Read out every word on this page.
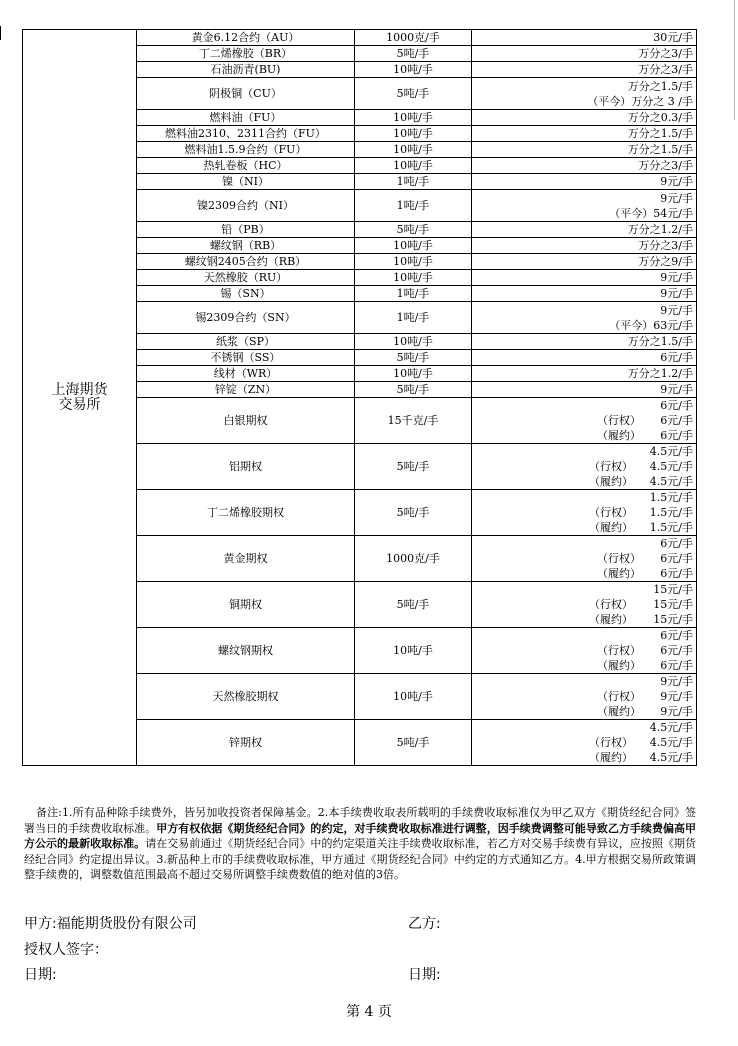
上海期货
交易所	黄金6.12合约（AU）	1000克/手	30元/手

	丁二烯橡胶（BR）	5吨/手	万分之3/手

	石油沥青(BU)	10吨/手	万分之3/手

	阴极铜（CU）	5吨/手	万分之1.5/手
（平今）万分之 3 /手

	燃料油（FU）	10吨/手	万分之0.3/手

	燃料油2310、2311合约（FU）	10吨/手	万分之1.5/手

	燃料油1.5.9合约（FU）	10吨/手	万分之1.5/手

	热轧卷板（HC）	10吨/手	万分之3/手

	镍（NI）	1吨/手	9元/手

	镍2309合约（NI）	1吨/手	9元/手
（平今）54元/手

	铅（PB）	5吨/手	万分之1.2/手

	螺纹钢（RB）	10吨/手	万分之3/手

	螺纹钢2405合约（RB）	10吨/手	万分之9/手

	天然橡胶（RU）	10吨/手	9元/手

	锡（SN）	1吨/手	9元/手

	锡2309合约（SN）	1吨/手	9元/手
（平今）63元/手

	纸浆（SP）	10吨/手	万分之1.5/手

	不锈钢（SS）	5吨/手	6元/手

	线材（WR）	10吨/手	万分之1.2/手

	锌锭（ZN）	5吨/手	9元/手

	白银期权	15千克/手	6元/手
（行权） 6元/手
（履约） 6元/手

	铝期权	5吨/手	4.5元/手
（行权） 4.5元/手
（履约） 4.5元/手

	丁二烯橡胶期权	5吨/手	1.5元/手
（行权） 1.5元/手
（履约） 1.5元/手

	黄金期权	1000克/手	6元/手
（行权） 6元/手
（履约） 6元/手

	铜期权	5吨/手	15元/手
（行权） 15元/手
（履约） 15元/手

	螺纹钢期权	10吨/手	6元/手
（行权） 6元/手
（履约） 6元/手

	天然橡胶期权	10吨/手	9元/手
（行权） 9元/手
（履约） 9元/手

	锌期权	5吨/手	4.5元/手
（行权） 4.5元/手
（履约） 4.5元/手
备注:1.所有品种除手续费外，皆另加收投资者保障基金。2.本手续费收取表所载明的手续费收取标准仅为甲乙双方《期货经纪合同》签署当日的手续费收取标准。甲方有权依据《期货经纪合同》的约定，对手续费收取标准进行调整，因手续费调整可能导致乙方手续费偏高甲方公示的最新收取标准。请在交易前通过《期货经纪合同》中的约定渠道关注手续费收取标准，若乙方对交易手续费有异议，应按照《期货经纪合同》约定提出异议。3.新品种上市的手续费收取标准，甲方通过《期货经纪合同》中约定的方式通知乙方。4.甲方根据交易所政策调整手续费的，调整数值范围最高不超过交易所调整手续费数值的绝对值的3倍。
甲方:福能期货股份有限公司	乙方:
授权人签字：
日期:	日期:
第 4 页
